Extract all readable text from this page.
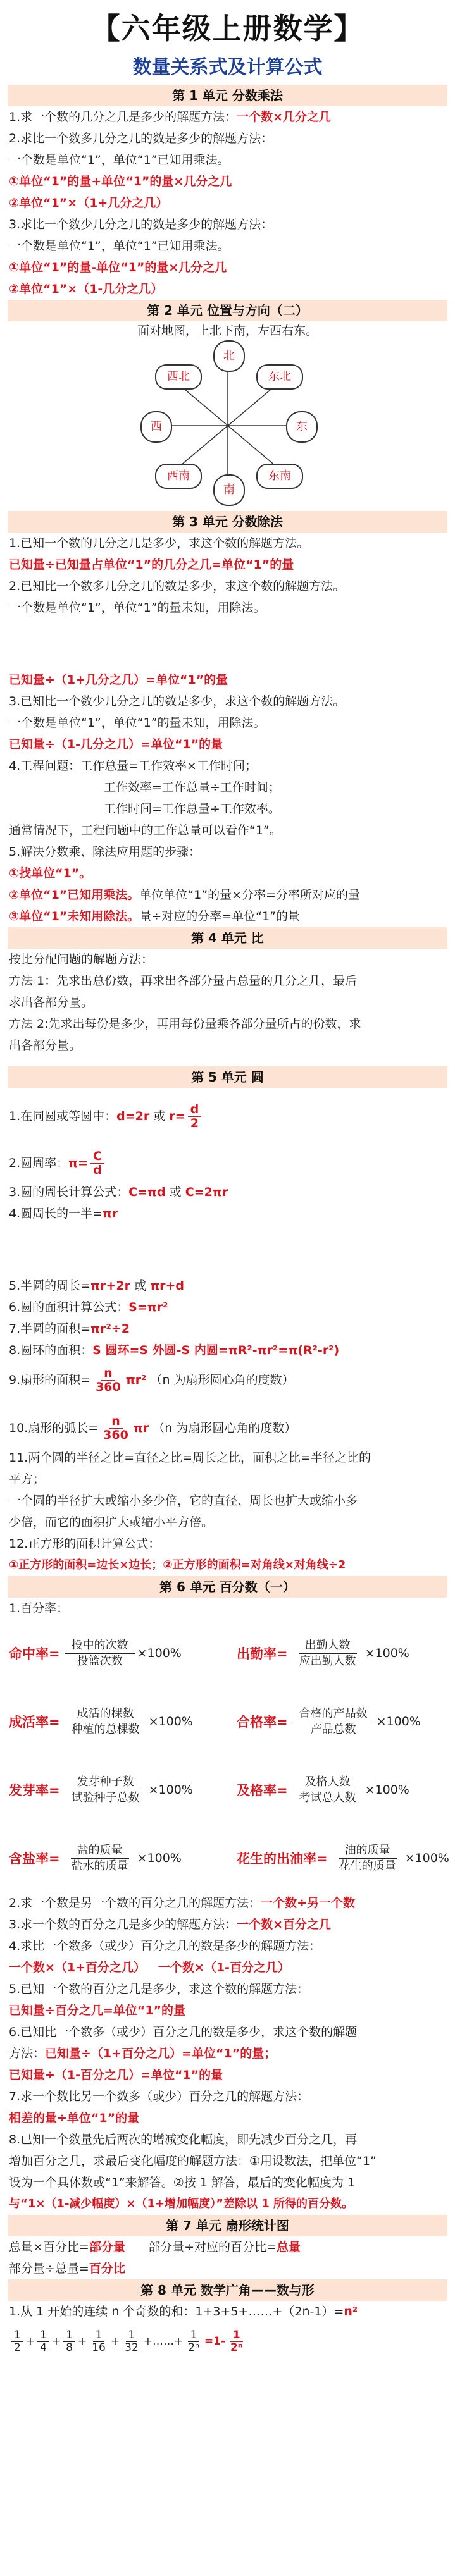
【六年级上册数学】
数量关系式及计算公式
第 1 单元 分数乘法
1.求一个数的几分之几是多少的解题方法：一个数×几分之几
2.求比一个数多几分之几的数是多少的解题方法：
一个数是单位“1”，单位“1”已知用乘法。
①单位“1”的量+单位“1”的量×几分之几
②单位“1”×（1+几分之几）
3.求比一个数少几分之几的数是多少的解题方法：
一个数是单位“1”，单位“1”已知用乘法。
①单位“1”的量-单位“1”的量×几分之几
②单位“1”×（1-几分之几）
第 2 单元 位置与方向（二）
面对地图，上北下南，左西右东。
北
南
东
西
西北	东北
西南	东南
第 3 单元 分数除法
1.已知一个数的几分之几是多少，求这个数的解题方法。
已知量÷已知量占单位“1”的几分之几=单位“1”的量
2.已知比一个数多几分之几的数是多少，求这个数的解题方法。
一个数是单位“1”，单位“1”的量未知，用除法。
已知量÷（1+几分之几）=单位“1”的量
3.已知比一个数少几分之几的数是多少，求这个数的解题方法。
一个数是单位“1”，单位“1”的量未知，用除法。
已知量÷（1-几分之几）=单位“1”的量
4.工程问题：工作总量=工作效率×工作时间；
工作效率=工作总量÷工作时间；
工作时间=工作总量÷工作效率。
通常情况下，工程问题中的工作总量可以看作“1”。
5.解决分数乘、除法应用题的步骤：
①找单位“1”。
②单位“1”已知用乘法。单位单位“1”的量×分率=分率所对应的量
③单位“1”未知用除法。量÷对应的分率=单位“1”的量
第 4 单元 比
按比分配问题的解题方法：
方法 1：先求出总份数，再求出各部分量占总量的几分之几，最后
求出各部分量。
方法 2:先求出每份是多少，再用每份量乘各部分量所占的份数，求
出各部分量。
第 5 单元 圆
1.在同圆或等圆中：d=2r 或 $r= \frac{d}{2}$
2.圆周率：$\pi= \frac{C}{d}$
3.圆的周长计算公式：C=πd 或 C=2πr
4.圆周长的一半=πr
5.半圆的周长=πr+2r 或 πr+d
6.圆的面积计算公式：S=πr²
7.半圆的面积=πr²÷2
8.圆环的面积：S 圆环=S 外圆-S 内圆=πR²-πr²=π(R²-r²)
9.扇形的面积= $\frac{n}{360} \pi r^2$ （n 为扇形圆心角的度数）
10.扇形的弧长= $\frac{n}{360}$ πr （n 为扇形圆心角的度数）
11.两个圆的半径之比=直径之比=周长之比，面积之比=半径之比的
平方；
一个圆的半径扩大或缩小多少倍，它的直径、周长也扩大或缩小多
少倍，而它的面积扩大或缩小平方倍。
12.正方形的面积计算公式：
①正方形的面积=边长×边长；②正方形的面积=对角线×对角线÷2
第 6 单元 百分数（一）
1.百分率：
命中率= $\frac{\text{投中的次数}}{\text{投篮次数}} \times 100\%$	出勤率= $\frac{\text{出勤人数}}{\text{应出勤人数}} \times 100\%$
成活率= $\frac{\text{成活的棵数}}{\text{种植的总棵数}} \times 100\%$	合格率= $\frac{\text{合格的产品数}}{\text{产品总数}} \times 100\%$
发芽率= $\frac{\text{发芽种子数}}{\text{试验种子总数}} \times 100\%$	及格率= $\frac{\text{及格人数}}{\text{考试总人数}} \times 100\%$
含盐率= $\frac{\text{盐的质量}}{\text{盐水的质量}} \times 100\%$	花生的出油率= $\frac{\text{油的质量}}{\text{花生的质量}} \times 100\%$
2.求一个数是另一个数的百分之几的解题方法：一个数÷另一个数
3.求一个数的百分之几是多少的解题方法：一个数×百分之几
4.求比一个数多（或少）百分之几的数是多少的解题方法：
一个数×（1+百分之几） 一个数×（1-百分之几）
5.已知一个数的百分之几是多少，求这个数的解题方法：
已知量÷百分之几=单位“1”的量
6.已知比一个数多（或少）百分之几的数是多少，求这个数的解题
方法：已知量÷（1+百分之几）=单位“1”的量；
已知量÷（1-百分之几）=单位“1”的量
7.求一个数比另一个数多（或少）百分之几的解题方法：
相差的量÷单位“1”的量
8.已知一个数量先后两次的增减变化幅度，即先减少百分之几，再
增加百分之几，求最后变化幅度的解题方法：①用设数法，把单位“1”
设为一个具体数或“1”来解答。②按 1 解答，最后的变化幅度为 1
与“1×（1-减少幅度）×（1+增加幅度）”差除以 1 所得的百分数。
第 7 单元 扇形统计图
总量×百分比=部分量 部分量÷对应的百分比=总量
部分量÷总量=百分比
第 8 单元 数学广角——数与形
1.从 1 开始的连续 n 个奇数的和：1+3+5+……+（2n-1）=n²
$\frac{1}{2} + \frac{1}{4} + \frac{1}{8} + \frac{1}{16} + \frac{1}{32}$ +……+ $\frac{1}{\text{2ⁿ}} =1- \frac{1}{\text{2ⁿ}}$
